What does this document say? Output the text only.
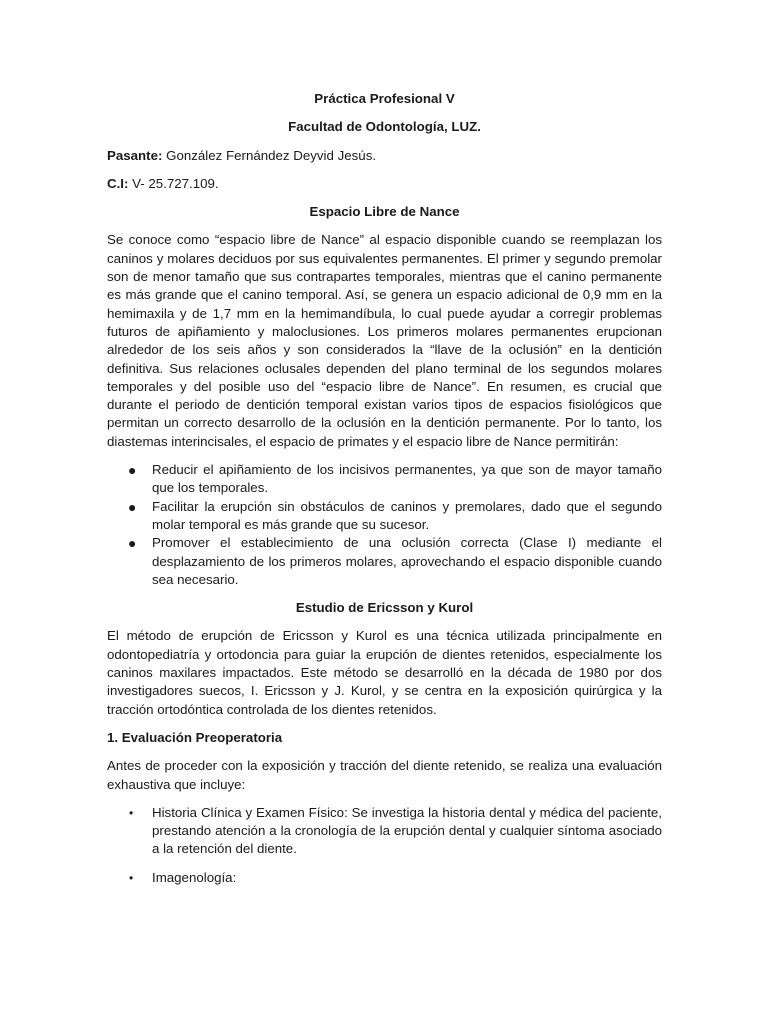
Práctica Profesional V
Facultad de Odontología, LUZ.
Pasante: González Fernández Deyvid Jesús.
C.I: V- 25.727.109.
Espacio Libre de Nance

Se conoce como “espacio libre de Nance” al espacio disponible cuando se reemplazan los caninos y molares deciduos por sus equivalentes permanentes. El primer y segundo premolar son de menor tamaño que sus contrapartes temporales, mientras que el canino permanente es más grande que el canino temporal. Así, se genera un espacio adicional de 0,9 mm en la hemimaxila y de 1,7 mm en la hemimandíbula, lo cual puede ayudar a corregir problemas futuros de apiñamiento y maloclusiones. Los primeros molares permanentes erupcionan alrededor de los seis años y son considerados la “llave de la oclusión” en la dentición definitiva. Sus relaciones oclusales dependen del plano terminal de los segundos molares temporales y del posible uso del “espacio libre de Nance”. En resumen, es crucial que durante el periodo de dentición temporal existan varios tipos de espacios fisiológicos que permitan un correcto desarrollo de la oclusión en la dentición permanente. Por lo tanto, los diastemas interincisales, el espacio de primates y el espacio libre de Nance permitirán:

● Reducir el apiñamiento de los incisivos permanentes, ya que son de mayor tamaño que los temporales.
● Facilitar la erupción sin obstáculos de caninos y premolares, dado que el segundo molar temporal es más grande que su sucesor.
● Promover el establecimiento de una oclusión correcta (Clase I) mediante el desplazamiento de los primeros molares, aprovechando el espacio disponible cuando sea necesario.
Estudio de Ericsson y Kurol

El método de erupción de Ericsson y Kurol es una técnica utilizada principalmente en odontopediatría y ortodoncia para guiar la erupción de dientes retenidos, especialmente los caninos maxilares impactados. Este método se desarrolló en la década de 1980 por dos investigadores suecos, I. Ericsson y J. Kurol, y se centra en la exposición quirúrgica y la tracción ortodóntica controlada de los dientes retenidos.

1. Evaluación Preoperatoria

Antes de proceder con la exposición y tracción del diente retenido, se realiza una evaluación exhaustiva que incluye:

• Historia Clínica y Examen Físico: Se investiga la historia dental y médica del paciente, prestando atención a la cronología de la erupción dental y cualquier síntoma asociado a la retención del diente.
• Imagenología:
